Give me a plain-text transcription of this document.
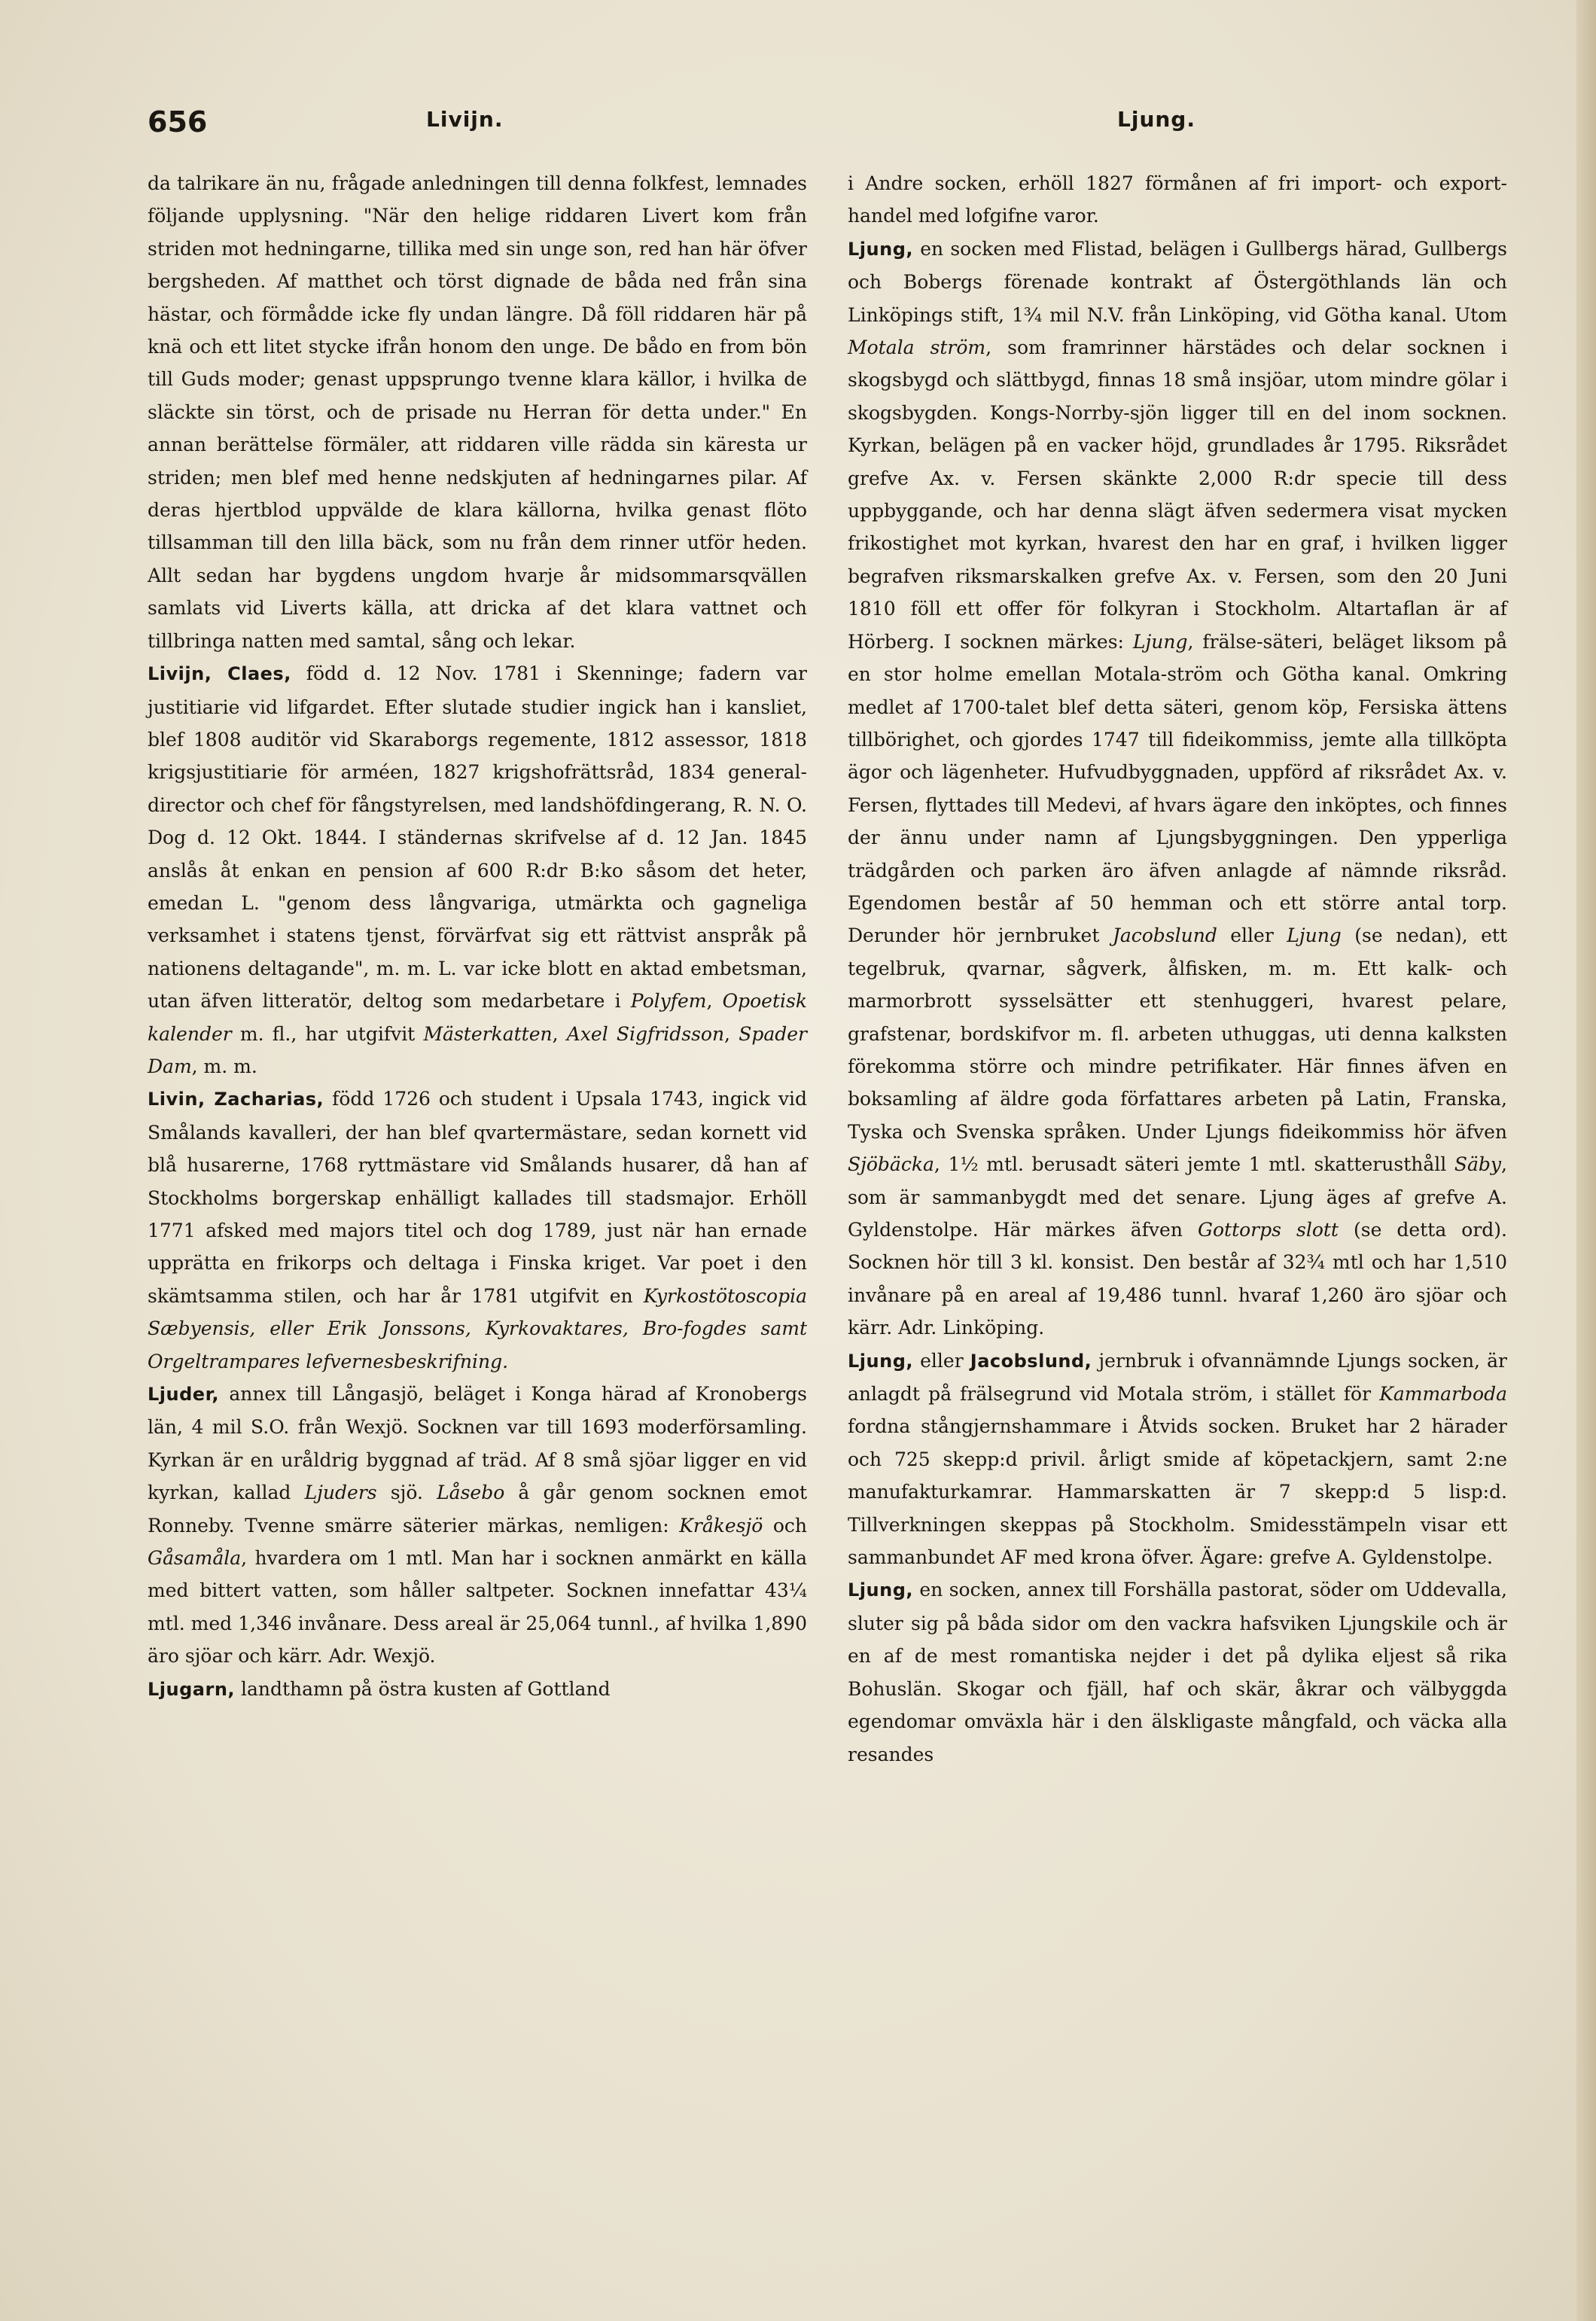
656	Livijn.	Ljung.

da talrikare än nu, frågade anledningen till denna folkfest, lemnades följande upplysning. "När den helige riddaren Livert kom från striden mot hedningarne, tillika med sin unge son, red han här öfver bergsheden. Af matthet och törst dignade de båda ned från sina hästar, och förmådde icke fly undan längre. Då föll riddaren här på knä och ett litet stycke ifrån honom den unge. De bådo en from bön till Guds moder; genast uppsprungo tvenne klara källor, i hvilka de släckte sin törst, och de prisade nu Herran för detta under." En annan berättelse förmäler, att riddaren ville rädda sin käresta ur striden; men blef med henne nedskjuten af hedningarnes pilar. Af deras hjertblod uppvälde de klara källorna, hvilka genast flöto tillsamman till den lilla bäck, som nu från dem rinner utför heden. Allt sedan har bygdens ungdom hvarje år midsommarsqvällen samlats vid Liverts källa, att dricka af det klara vattnet och tillbringa natten med samtal, sång och lekar.

Livijn, Claes, född d. 12 Nov. 1781 i Skenninge; fadern var justitiarie vid lifgardet. Efter slutade studier ingick han i kansliet, blef 1808 auditör vid Skaraborgs regemente, 1812 assessor, 1818 krigsjustitiarie för arméen, 1827 krigshofrättsråd, 1834 general-director och chef för fångstyrelsen, med landshöfdingerang, R. N. O. Dog d. 12 Okt. 1844. I ständernas skrifvelse af d. 12 Jan. 1845 anslås åt enkan en pension af 600 R:dr B:ko såsom det heter, emedan L. "genom dess långvariga, utmärkta och gagneliga verksamhet i statens tjenst, förvärfvat sig ett rättvist anspråk på nationens deltagande", m. m. L. var icke blott en aktad embetsman, utan äfven litteratör, deltog som medarbetare i Polyfem, Opoetisk kalender m. fl., har utgifvit Mästerkatten, Axel Sigfridsson, Spader Dam, m. m.

Livin, Zacharias, född 1726 och student i Upsala 1743, ingick vid Smålands kavalleri, der han blef qvartermästare, sedan kornett vid blå husarerne, 1768 ryttmästare vid Smålands husarer, då han af Stockholms borgerskap enhälligt kallades till stadsmajor. Erhöll 1771 afsked med majors titel och dog 1789, just när han ernade upprätta en frikorps och deltaga i Finska kriget. Var poet i den skämtsamma stilen, och har år 1781 utgifvit en Kyrkostötoscopia Sæbyensis, eller Erik Jonssons, Kyrkovaktares, Bro-fogdes samt Orgeltrampares lefvernesbeskrifning.

Ljuder, annex till Långasjö, beläget i Konga härad af Kronobergs län, 4 mil S.O. från Wexjö. Socknen var till 1693 moderförsamling. Kyrkan är en uråldrig byggnad af träd. Af 8 små sjöar ligger en vid kyrkan, kallad Ljuders sjö. Låsebo å går genom socknen emot Ronneby. Tvenne smärre säterier märkas, nemligen: Kråkesjö och Gåsamåla, hvardera om 1 mtl. Man har i socknen anmärkt en källa med bittert vatten, som håller saltpeter. Socknen innefattar 43¼ mtl. med 1,346 invånare. Dess areal är 25,064 tunnl., af hvilka 1,890 äro sjöar och kärr. Adr. Wexjö.

Ljugarn, landthamn på östra kusten af Gottland

i Andre socken, erhöll 1827 förmånen af fri import- och export-handel med lofgifne varor.

Ljung, en socken med Flistad, belägen i Gullbergs härad, Gullbergs och Bobergs förenade kontrakt af Östergöthlands län och Linköpings stift, 1¾ mil N.V. från Linköping, vid Götha kanal. Utom Motala ström, som framrinner härstädes och delar socknen i skogsbygd och slättbygd, finnas 18 små insjöar, utom mindre gölar i skogsbygden. Kongs-Norrby-sjön ligger till en del inom socknen. Kyrkan, belägen på en vacker höjd, grundlades år 1795. Riksrådet grefve Ax. v. Fersen skänkte 2,000 R:dr specie till dess uppbyggande, och har denna slägt äfven sedermera visat mycken frikostighet mot kyrkan, hvarest den har en graf, i hvilken ligger begrafven riksmarskalken grefve Ax. v. Fersen, som den 20 Juni 1810 föll ett offer för folkyran i Stockholm. Altartaflan är af Hörberg. I socknen märkes: Ljung, frälse-säteri, beläget liksom på en stor holme emellan Motala-ström och Götha kanal. Omkring medlet af 1700-talet blef detta säteri, genom köp, Fersiska ättens tillbörighet, och gjordes 1747 till fideikommiss, jemte alla tillköpta ägor och lägenheter. Hufvudbyggnaden, uppförd af riksrådet Ax. v. Fersen, flyttades till Medevi, af hvars ägare den inköptes, och finnes der ännu under namn af Ljungsbyggningen. Den ypperliga trädgården och parken äro äfven anlagde af nämnde riksråd. Egendomen består af 50 hemman och ett större antal torp. Derunder hör jernbruket Jacobslund eller Ljung (se nedan), ett tegelbruk, qvarnar, sågverk, ålfisken, m. m. Ett kalk- och marmorbrott sysselsätter ett stenhuggeri, hvarest pelare, grafstenar, bordskifvor m. fl. arbeten uthuggas, uti denna kalksten förekomma större och mindre petrifikater. Här finnes äfven en boksamling af äldre goda författares arbeten på Latin, Franska, Tyska och Svenska språken. Under Ljungs fideikommiss hör äfven Sjöbäcka, 1½ mtl. berusadt säteri jemte 1 mtl. skatterusthåll Säby, som är sammanbygdt med det senare. Ljung äges af grefve A. Gyldenstolpe. Här märkes äfven Gottorps slott (se detta ord). Socknen hör till 3 kl. konsist. Den består af 32¾ mtl och har 1,510 invånare på en areal af 19,486 tunnl. hvaraf 1,260 äro sjöar och kärr. Adr. Linköping.

Ljung, eller Jacobslund, jernbruk i ofvannämnde Ljungs socken, är anlagdt på frälsegrund vid Motala ström, i stället för Kammarboda fordna stångjernshammare i Åtvids socken. Bruket har 2 härader och 725 skepp:d privil. årligt smide af köpetackjern, samt 2:ne manufakturkamrar. Hammarskatten är 7 skepp:d 5 lisp:d. Tillverkningen skeppas på Stockholm. Smidesstämpeln visar ett sammanbundet AF med krona öfver. Ägare: grefve A. Gyldenstolpe.

Ljung, en socken, annex till Forshälla pastorat, söder om Uddevalla, sluter sig på båda sidor om den vackra hafsviken Ljungskile och är en af de mest romantiska nejder i det på dylika eljest så rika Bohuslän. Skogar och fjäll, haf och skär, åkrar och välbyggda egendomar omväxla här i den älskligaste mångfald, och väcka alla resandes
